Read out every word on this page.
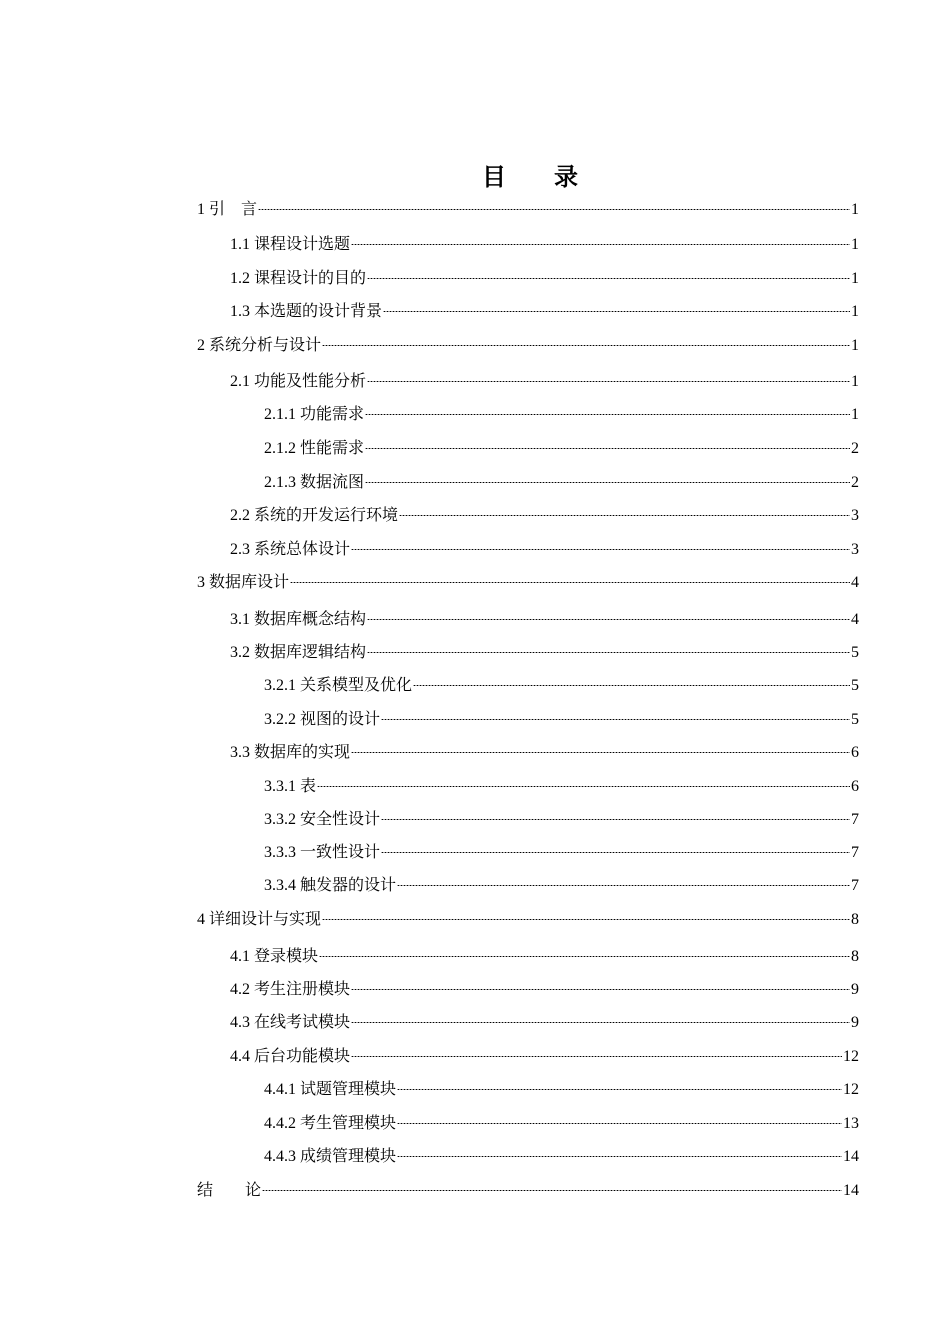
目　　录
1 引　言	1
1.1 课程设计选题	1
1.2 课程设计的目的	1
1.3 本选题的设计背景	1
2 系统分析与设计	1
2.1 功能及性能分析	1
2.1.1 功能需求	1
2.1.2 性能需求	2
2.1.3 数据流图	2
2.2 系统的开发运行环境	3
2.3 系统总体设计	3
3 数据库设计	4
3.1 数据库概念结构	4
3.2 数据库逻辑结构	5
3.2.1 关系模型及优化	5
3.2.2 视图的设计	5
3.3 数据库的实现	6
3.3.1 表	6
3.3.2 安全性设计	7
3.3.3 一致性设计	7
3.3.4 触发器的设计	7
4 详细设计与实现	8
4.1 登录模块	8
4.2 考生注册模块	9
4.3 在线考试模块	9
4.4 后台功能模块	12
4.4.1 试题管理模块	12
4.4.2 考生管理模块	13
4.4.3 成绩管理模块	14
结　　论	14
